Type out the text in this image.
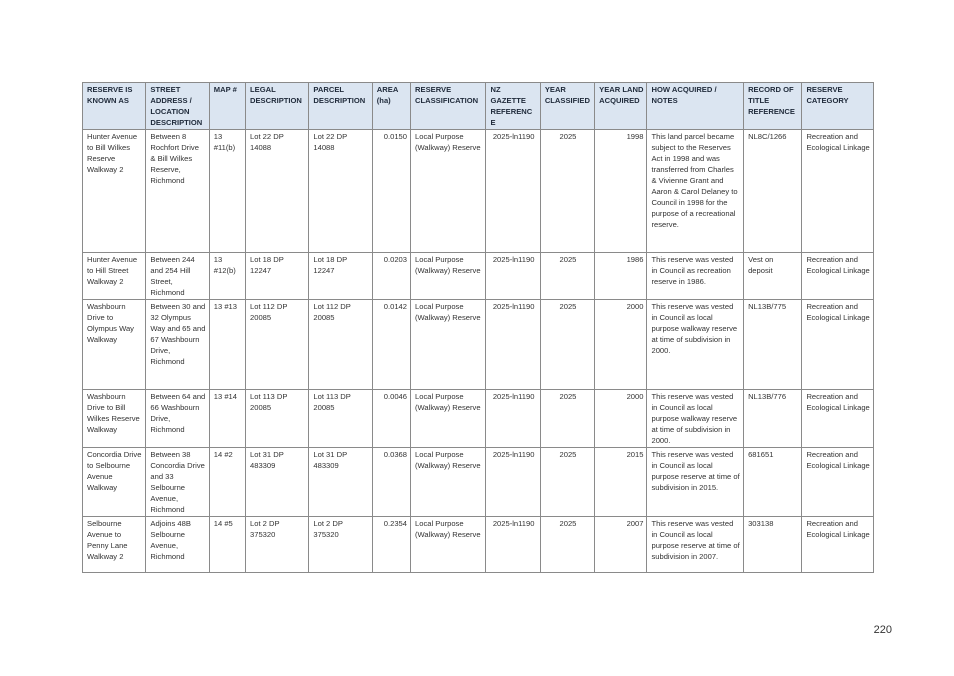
RESERVE IS KNOWN AS	STREET ADDRESS / LOCATION DESCRIPTION	MAP #	LEGAL DESCRIPTION	PARCEL DESCRIPTION	AREA (ha)	RESERVE CLASSIFICATION	NZ GAZETTE REFERENCE	YEAR CLASSIFIED	YEAR LAND ACQUIRED	HOW ACQUIRED / NOTES	RECORD OF TITLE REFERENCE	RESERVE CATEGORY
Hunter Avenue to Bill Wilkes Reserve Walkway 2	Between 8 Rochfort Drive & Bill Wilkes Reserve, Richmond	13 #11(b)	Lot 22 DP 14088	Lot 22 DP 14088	0.0150	Local Purpose (Walkway) Reserve	2025-ln1190	2025	1998	This land parcel became subject to the Reserves Act in 1998 and was transferred from Charles & Vivienne Grant and Aaron & Carol Delaney to Council in 1998 for the purpose of a recreational reserve.	NL8C/1266	Recreation and Ecological Linkage
Hunter Avenue to Hill Street Walkway 2	Between 244 and 254 Hill Street, Richmond	13 #12(b)	Lot 18 DP 12247	Lot 18 DP 12247	0.0203	Local Purpose (Walkway) Reserve	2025-ln1190	2025	1986	This reserve was vested in Council as recreation reserve in 1986.	Vest on deposit	Recreation and Ecological Linkage
Washbourn Drive to Olympus Way Walkway	Between 30 and 32 Olympus Way and 65 and 67 Washbourn Drive, Richmond	13 #13	Lot 112 DP 20085	Lot 112 DP 20085	0.0142	Local Purpose (Walkway) Reserve	2025-ln1190	2025	2000	This reserve was vested in Council as local purpose walkway reserve at time of subdivision in 2000.	NL13B/775	Recreation and Ecological Linkage
Washbourn Drive to Bill Wilkes Reserve Walkway	Between 64 and 66 Washbourn Drive, Richmond	13 #14	Lot 113 DP 20085	Lot 113 DP 20085	0.0046	Local Purpose (Walkway) Reserve	2025-ln1190	2025	2000	This reserve was vested in Council as local purpose walkway reserve at time of subdivision in 2000.	NL13B/776	Recreation and Ecological Linkage
Concordia Drive to Selbourne Avenue Walkway	Between 38 Concordia Drive and 33 Selbourne Avenue, Richmond	14 #2	Lot 31 DP 483309	Lot 31 DP 483309	0.0368	Local Purpose (Walkway) Reserve	2025-ln1190	2025	2015	This reserve was vested in Council as local purpose reserve at time of subdivision in 2015.	681651	Recreation and Ecological Linkage
Selbourne Avenue to Penny Lane Walkway 2	Adjoins 48B Selbourne Avenue, Richmond	14 #5	Lot 2 DP 375320	Lot 2 DP 375320	0.2354	Local Purpose (Walkway) Reserve	2025-ln1190	2025	2007	This reserve was vested in Council as local purpose reserve at time of subdivision in 2007.	303138	Recreation and Ecological Linkage
220
